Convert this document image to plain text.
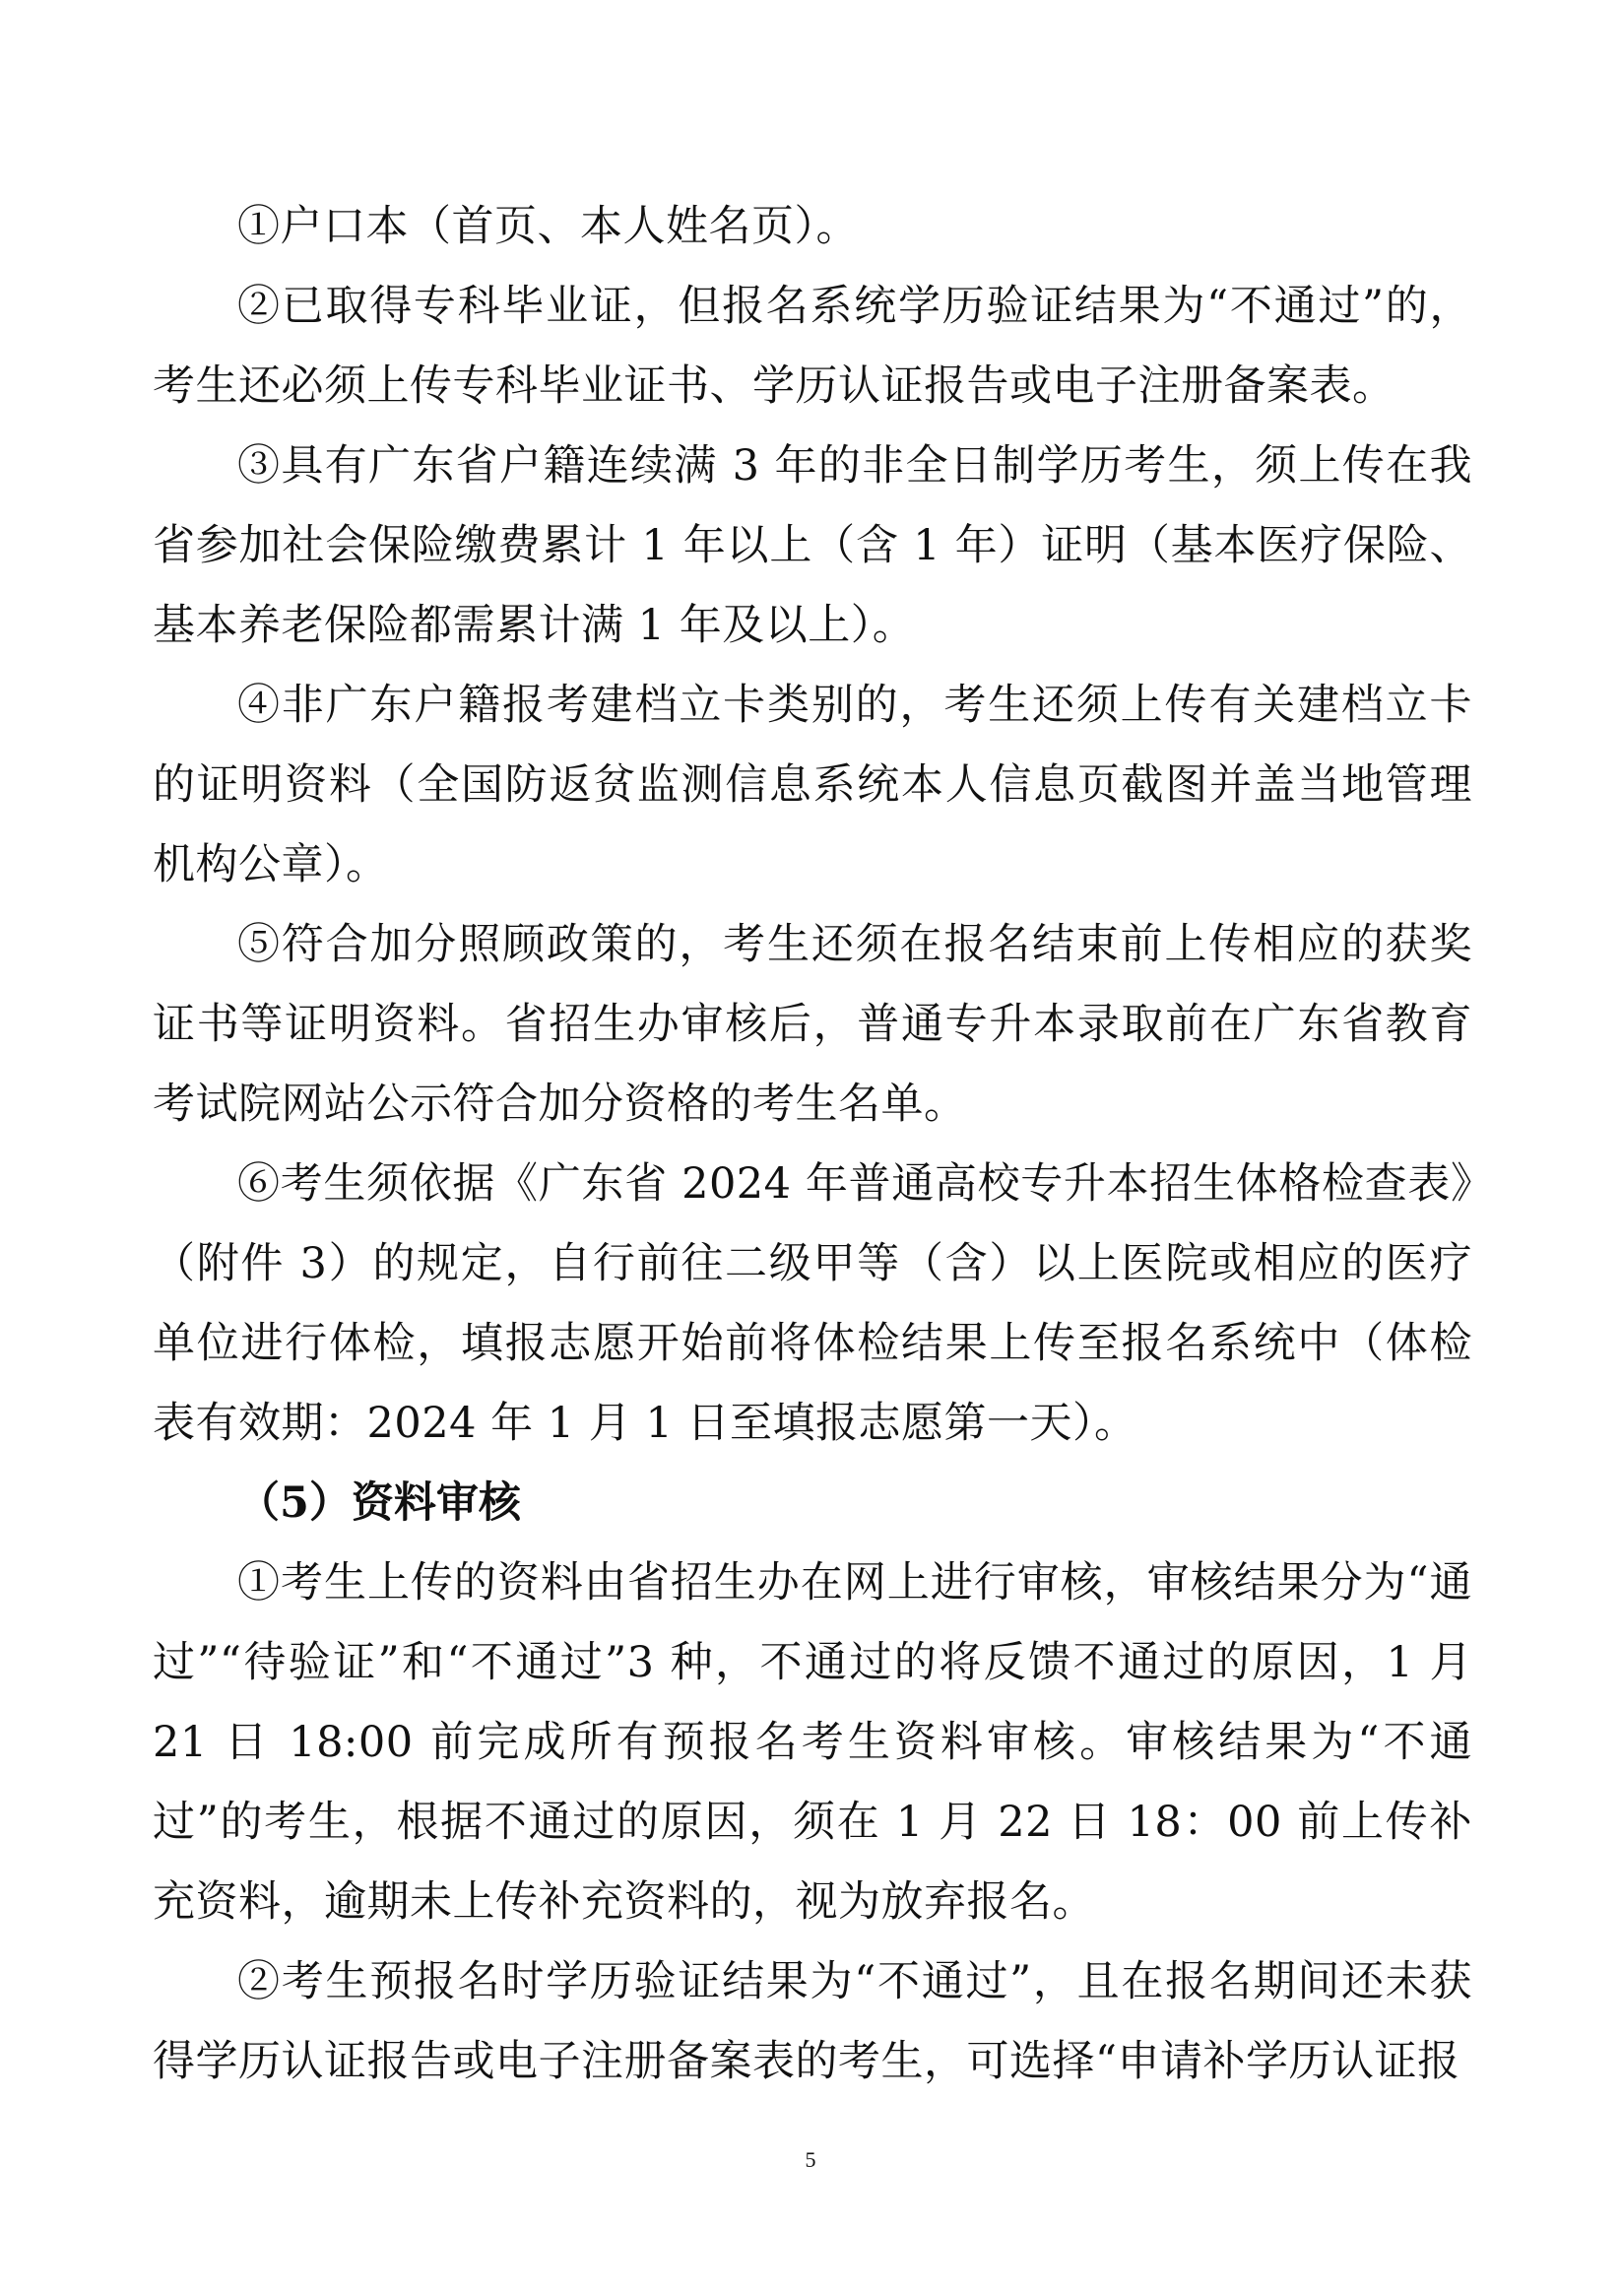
①户口本（首页、本人姓名页）。

②已取得专科毕业证，但报名系统学历验证结果为“不通过”的，考生还必须上传专科毕业证书、学历认证报告或电子注册备案表。

③具有广东省户籍连续满 3 年的非全日制学历考生，须上传在我省参加社会保险缴费累计 1 年以上（含 1 年）证明（基本医疗保险、基本养老保险都需累计满 1 年及以上）。

④非广东户籍报考建档立卡类别的，考生还须上传有关建档立卡的证明资料（全国防返贫监测信息系统本人信息页截图并盖当地管理机构公章）。

⑤符合加分照顾政策的，考生还须在报名结束前上传相应的获奖证书等证明资料。省招生办审核后，普通专升本录取前在广东省教育考试院网站公示符合加分资格的考生名单。

⑥考生须依据《广东省 2024 年普通高校专升本招生体格检查表》（附件 3）的规定，自行前往二级甲等（含）以上医院或相应的医疗单位进行体检，填报志愿开始前将体检结果上传至报名系统中（体检表有效期：2024 年 1 月 1 日至填报志愿第一天）。

（5）资料审核

①考生上传的资料由省招生办在网上进行审核，审核结果分为“通过”“待验证”和“不通过”3 种，不通过的将反馈不通过的原因，1 月 21 日 18:00 前完成所有预报名考生资料审核。审核结果为“不通过”的考生，根据不通过的原因，须在 1 月 22 日 18：00 前上传补充资料，逾期未上传补充资料的，视为放弃报名。

②考生预报名时学历验证结果为“不通过”，且在报名期间还未获得学历认证报告或电子注册备案表的考生，可选择“申请补学历认证报

5
